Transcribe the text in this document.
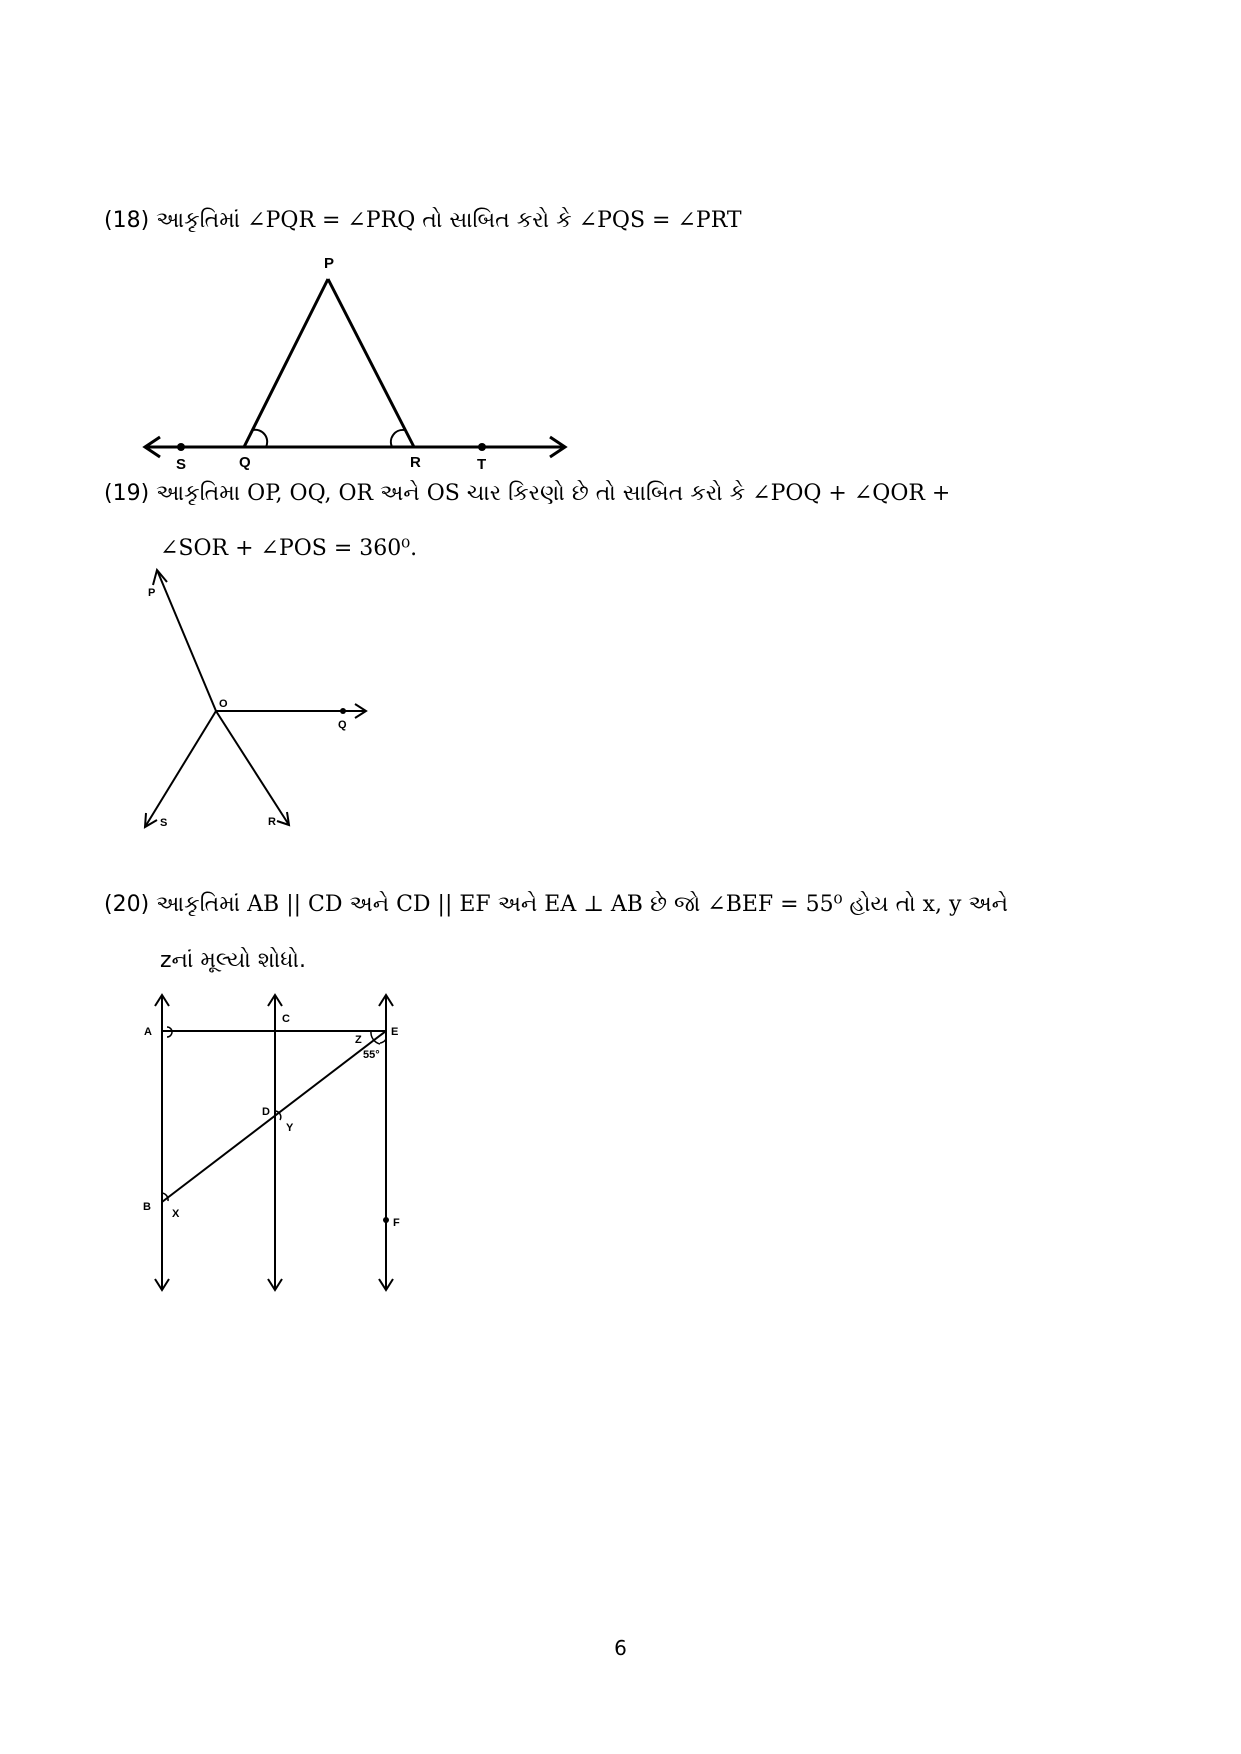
(18) આકૃતિમાં ∠PQR = ∠PRQ તો સાબિત કરો કે ∠PQS = ∠PRT
P
Q	R
S	T
P
O
Q
S	R
A
B
C
D
E
F
X
Y
Z
55°
(19) આકૃતિમા OP, OQ, OR અને OS ચાર કિરણો છે તો સાબિત કરો કે ∠POQ + ∠QOR +
∠SOR + ∠POS = 360⁰.
(20) આકૃતિમાં AB || CD અને CD || EF અને EA ⊥ AB છે જો ∠BEF = 55⁰ હોય તો x, y અને
zનાં મૂલ્યો શોધો.
6
